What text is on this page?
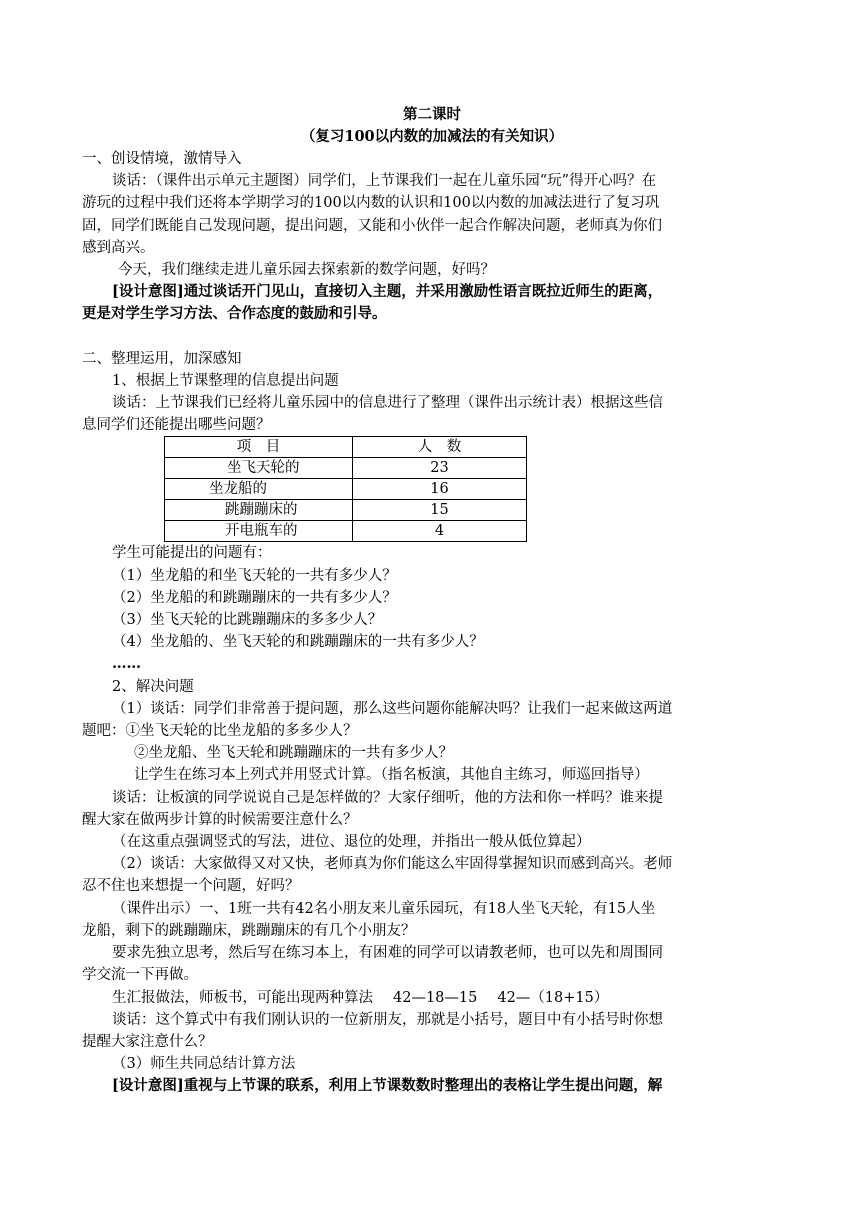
第二课时
（复习100以内数的加减法的有关知识）
一、创设情境，激情导入
谈话：（课件出示单元主题图）同学们，上节课我们一起在儿童乐园“玩”得开心吗？在
游玩的过程中我们还将本学期学习的100以内数的认识和100以内数的加减法进行了复习巩
固，同学们既能自己发现问题，提出问题，又能和小伙伴一起合作解决问题，老师真为你们
感到高兴。
今天，我们继续走进儿童乐园去探索新的数学问题，好吗？
[设计意图]通过谈话开门见山，直接切入主题，并采用激励性语言既拉近师生的距离，
更是对学生学习方法、合作态度的鼓励和引导。
二、整理运用，加深感知
1、根据上节课整理的信息提出问题
谈话：上节课我们已经将儿童乐园中的信息进行了整理（课件出示统计表）根据这些信
息同学们还能提出哪些问题？
项　目	人　数
坐飞天轮的	23
坐龙船的	16
跳蹦蹦床的	15
开电瓶车的	4
学生可能提出的问题有：
（1）坐龙船的和坐飞天轮的一共有多少人？
（2）坐龙船的和跳蹦蹦床的一共有多少人？
（3）坐飞天轮的比跳蹦蹦床的多多少人？
（4）坐龙船的、坐飞天轮的和跳蹦蹦床的一共有多少人？
……
2、解决问题
（1）谈话：同学们非常善于提问题，那么这些问题你能解决吗？让我们一起来做这两道
题吧：①坐飞天轮的比坐龙船的多多少人？
②坐龙船、坐飞天轮和跳蹦蹦床的一共有多少人？
让学生在练习本上列式并用竖式计算。（指名板演，其他自主练习，师巡回指导）
谈话：让板演的同学说说自己是怎样做的？大家仔细听，他的方法和你一样吗？谁来提
醒大家在做两步计算的时候需要注意什么？
（在这重点强调竖式的写法，进位、退位的处理，并指出一般从低位算起）
（2）谈话：大家做得又对又快，老师真为你们能这么牢固得掌握知识而感到高兴。老师
忍不住也来想提一个问题，好吗？
（课件出示）一、1班一共有42名小朋友来儿童乐园玩，有18人坐飞天轮，有15人坐
龙船，剩下的跳蹦蹦床，跳蹦蹦床的有几个小朋友？
要求先独立思考，然后写在练习本上，有困难的同学可以请教老师，也可以先和周围同
学交流一下再做。
生汇报做法，师板书，可能出现两种算法 42—18—15 42—（18+15）
谈话：这个算式中有我们刚认识的一位新朋友，那就是小括号，题目中有小括号时你想
提醒大家注意什么？
（3）师生共同总结计算方法
[设计意图]重视与上节课的联系，利用上节课数数时整理出的表格让学生提出问题，解
